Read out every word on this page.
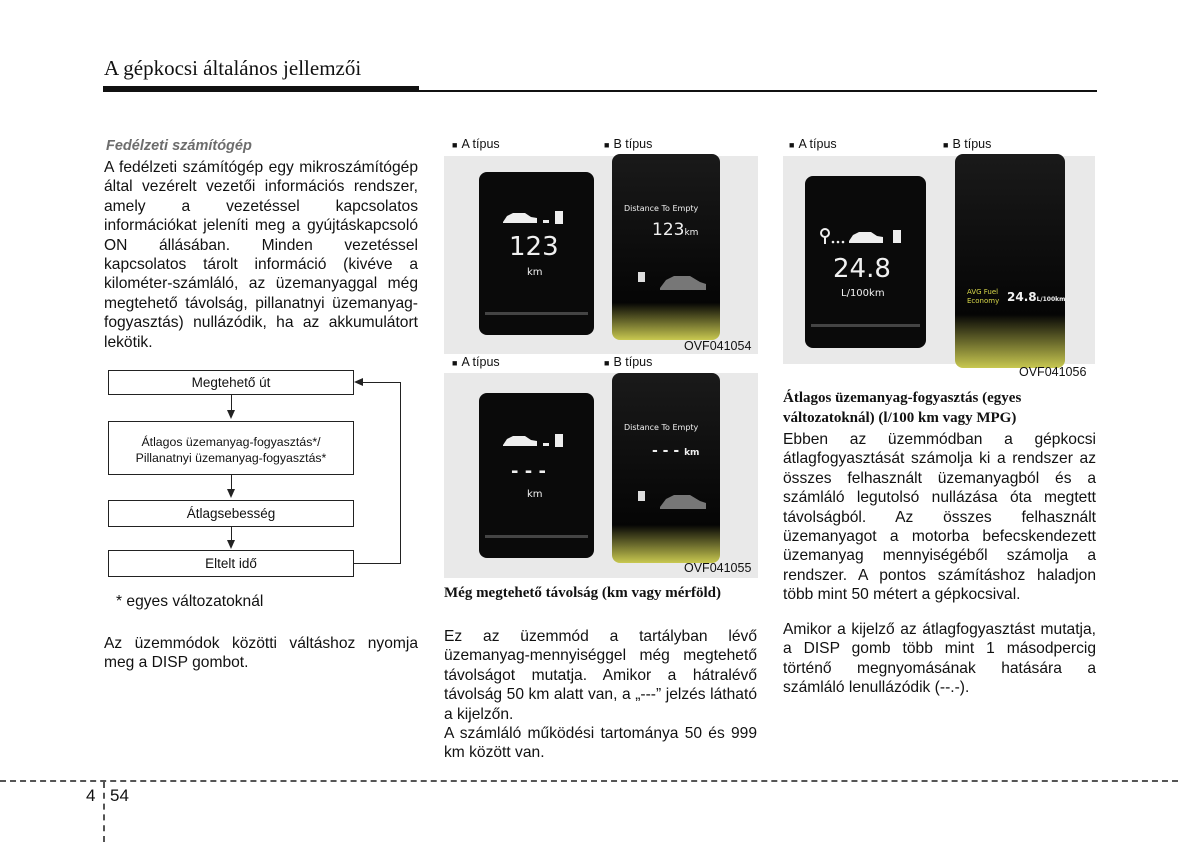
A gépkocsi általános jellemzői
Fedélzeti számítógép
A fedélzeti számítógép egy mikroszámítógép által vezérelt vezetői információs rendszer, amely a vezetéssel kapcsolatos információkat jeleníti meg a gyújtáskapcsoló ON állásában. Minden vezetéssel kapcsolatos tárolt információ (kivéve a kilométer-számláló, az üzemanyaggal még megtehető távolság, pillanatnyi üzemanyag-fogyasztás) nullázódik, ha az akkumulátort lekötik.
Megtehető út
Átlagos üzemanyag-fogyasztás*/
Pillanatnyi üzemanyag-fogyasztás*
Átlagsebesség
Eltelt idő
* egyes változatoknál
Az üzemmódok közötti váltáshoz nyomja meg a DISP gombot.
■ A típus	■ B típus
123
km
Distance To Empty
123km
OVF041054
■ A típus	■ B típus
- - -
km
Distance To Empty
- - - km
OVF041055
Még megtehető távolság (km vagy mérföld)
Ez az üzemmód a tartályban lévő üzemanyag-mennyiséggel még megtehető távolságot mutatja. Amikor a hátralévő távolság 50 km alatt van, a „---” jelzés látható a kijelzőn.
A számláló működési tartománya 50 és 999 km között van.
■ A típus	■ B típus
24.8
L/100km	AVG Fuel
Economy 24.8L/100km
OVF041056
Átlagos üzemanyag-fogyasztás (egyes változatoknál) (l/100 km vagy MPG)
Ebben az üzemmódban a gépkocsi átlagfogyasztását számolja ki a rendszer az összes felhasznált üzemanyagból és a számláló legutolsó nullázása óta megtett távolságból. Az összes felhasznált üzemanyagot a motorba befecskendezett üzemanyag mennyiségéből számolja a rendszer. A pontos számításhoz haladjon több mint 50 métert a gépkocsival.
Amikor a kijelző az átlagfogyasztást mutatja, a DISP gomb több mint 1 másodpercig történő megnyomásának hatására a számláló lenullázódik (--.-).
4 54
